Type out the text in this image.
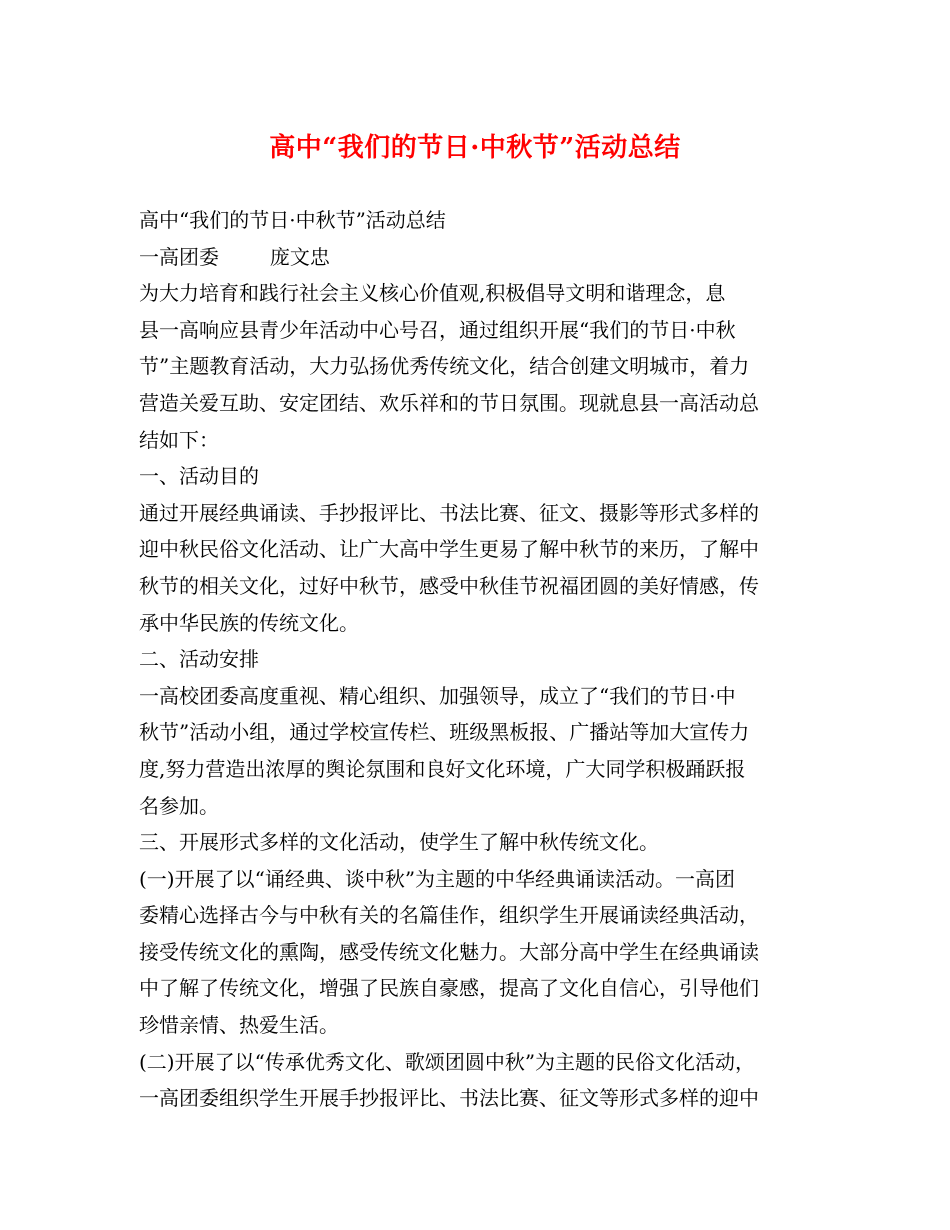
高中“我们的节日·中秋节”活动总结
高中“我们的节日·中秋节”活动总结
一高团委        庞文忠
为大力培育和践行社会主义核心价值观,积极倡导文明和谐理念，息
县一高响应县青少年活动中心号召，通过组织开展“我们的节日·中秋
节”主题教育活动，大力弘扬优秀传统文化，结合创建文明城市，着力
营造关爱互助、安定团结、欢乐祥和的节日氛围。现就息县一高活动总
结如下：
一、活动目的
通过开展经典诵读、手抄报评比、书法比赛、征文、摄影等形式多样的
迎中秋民俗文化活动、让广大高中学生更易了解中秋节的来历，了解中
秋节的相关文化，过好中秋节，感受中秋佳节祝福团圆的美好情感，传
承中华民族的传统文化。
二、活动安排
一高校团委高度重视、精心组织、加强领导，成立了“我们的节日·中
秋节”活动小组，通过学校宣传栏、班级黑板报、广播站等加大宣传力
度,努力营造出浓厚的舆论氛围和良好文化环境，广大同学积极踊跃报
名参加。
三、开展形式多样的文化活动，使学生了解中秋传统文化。
(一)开展了以“诵经典、谈中秋”为主题的中华经典诵读活动。一高团
委精心选择古今与中秋有关的名篇佳作，组织学生开展诵读经典活动，
接受传统文化的熏陶，感受传统文化魅力。大部分高中学生在经典诵读
中了解了传统文化，增强了民族自豪感，提高了文化自信心，引导他们
珍惜亲情、热爱生活。
(二)开展了以“传承优秀文化、歌颂团圆中秋”为主题的民俗文化活动，
一高团委组织学生开展手抄报评比、书法比赛、征文等形式多样的迎中
